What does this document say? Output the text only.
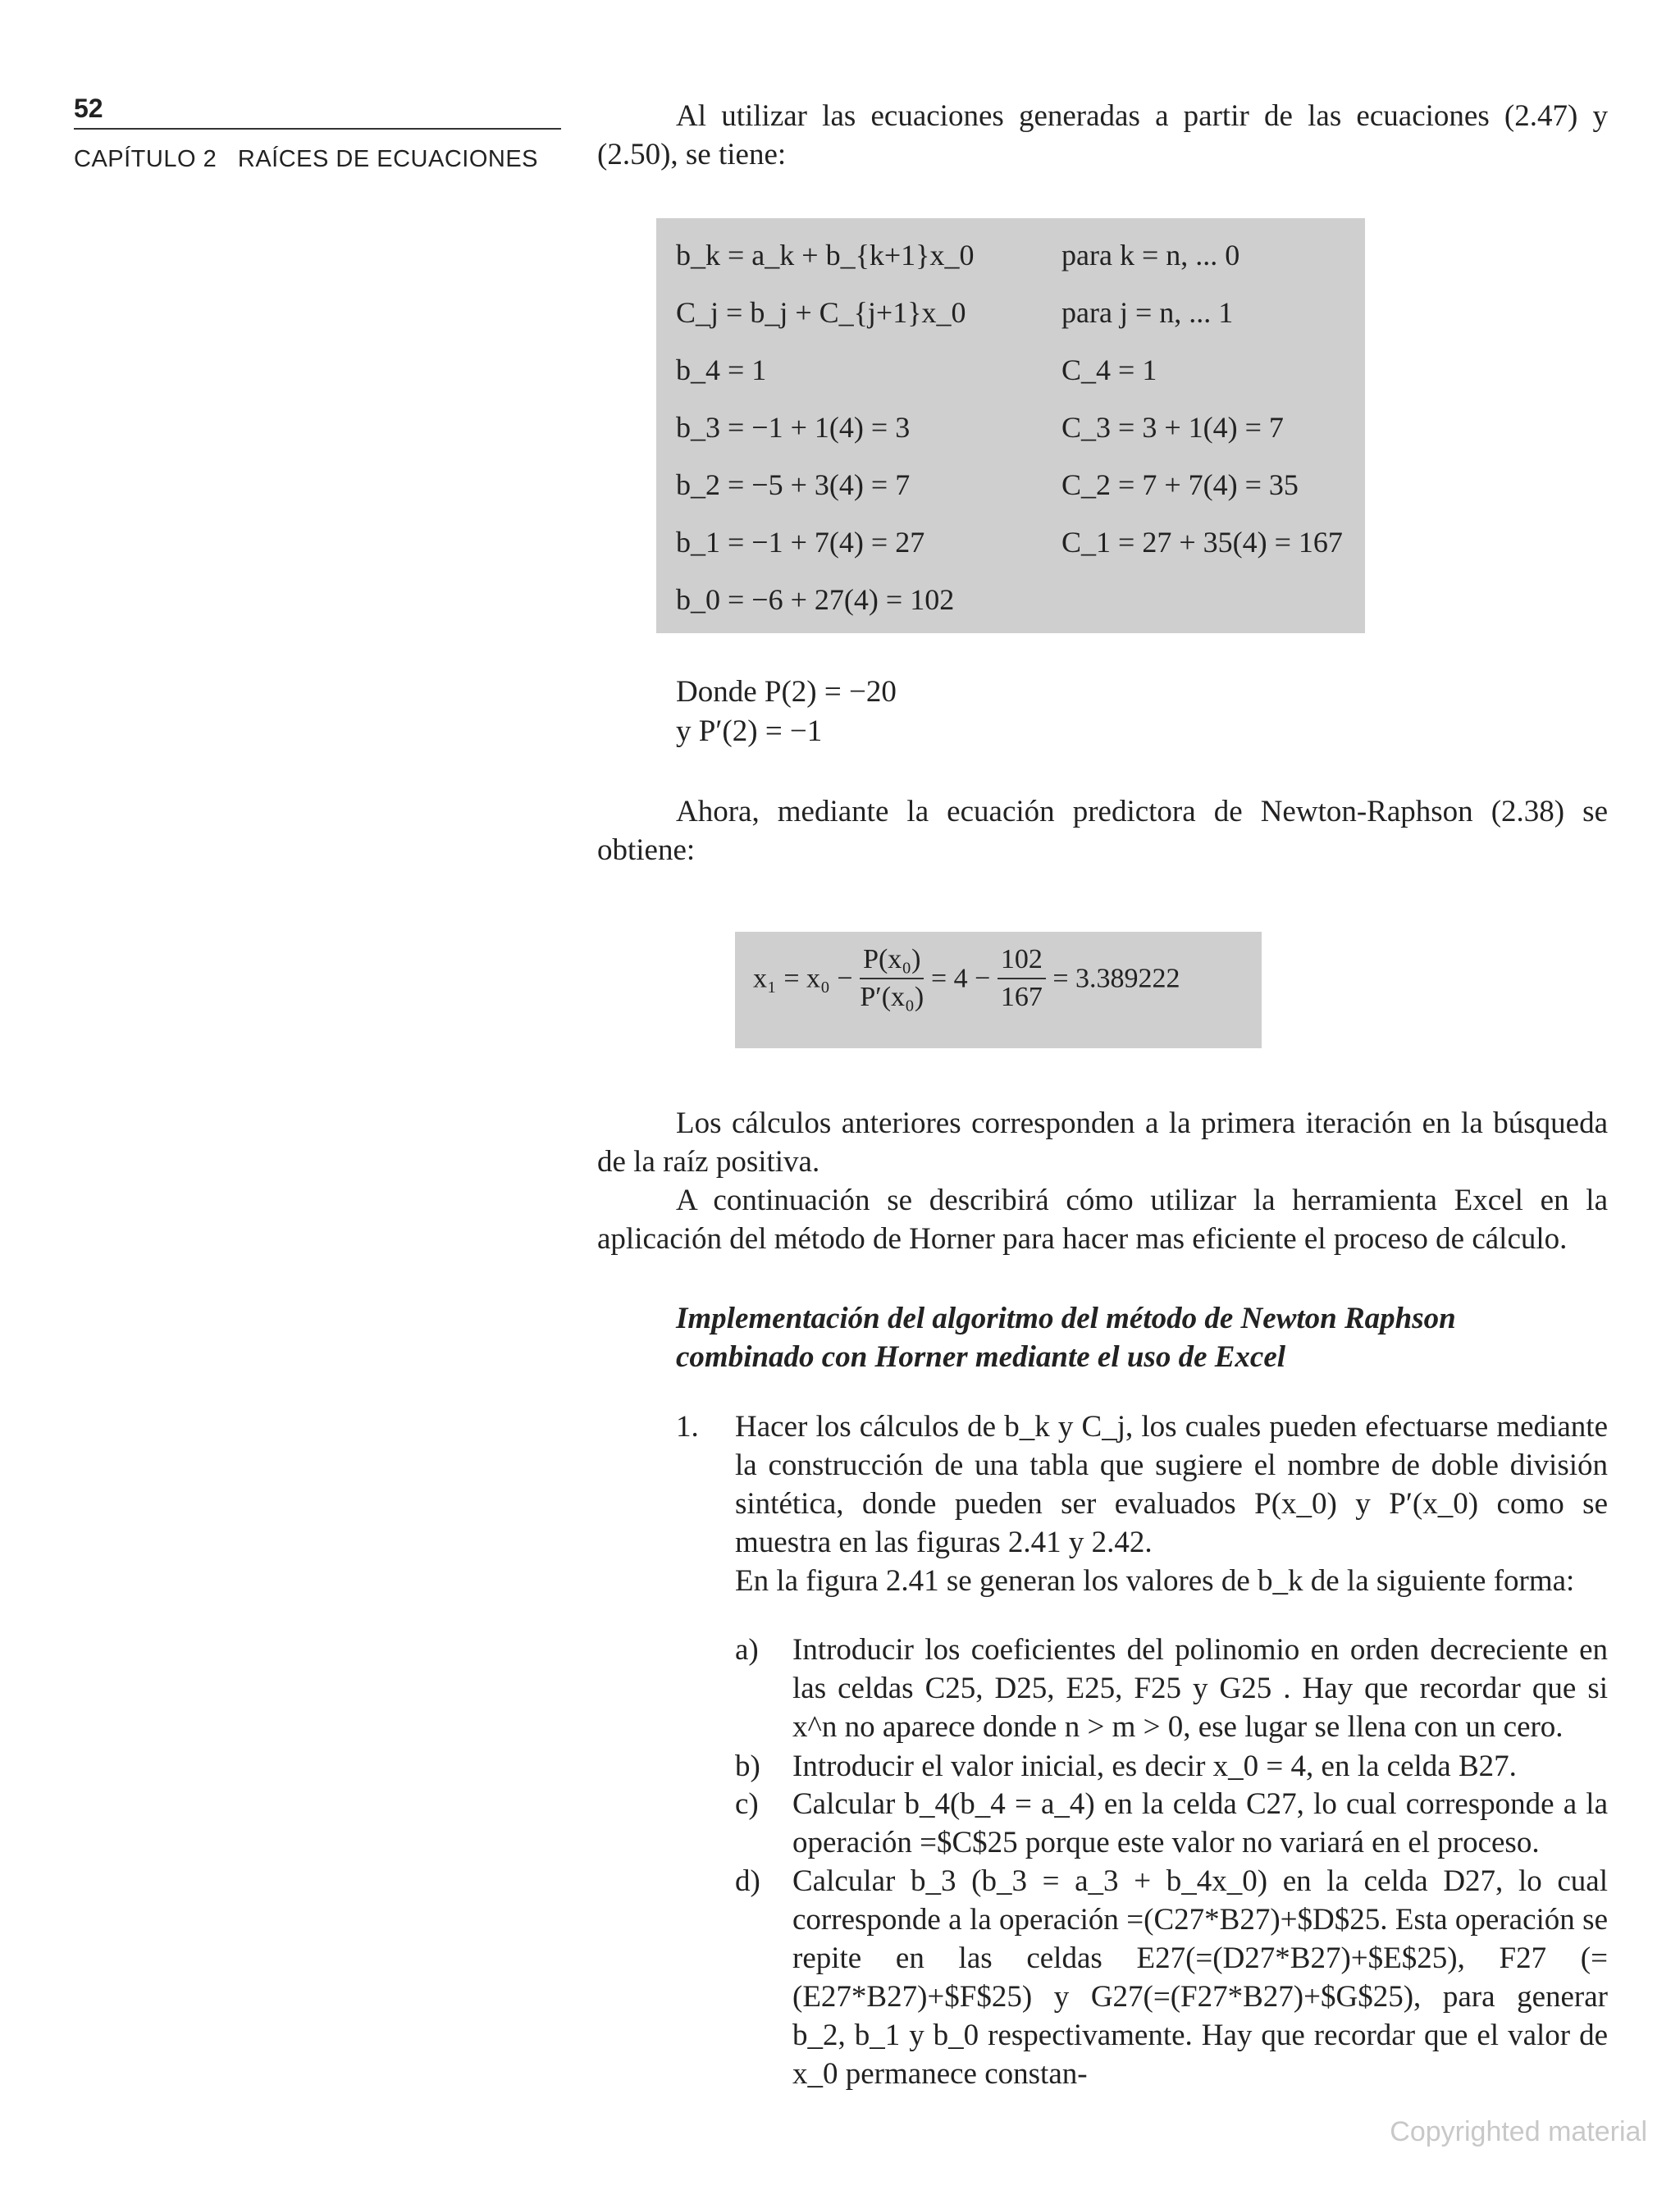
52
CAPÍTULO 2 RAÍCES DE ECUACIONES
Al utilizar las ecuaciones generadas a partir de las ecuaciones (2.47) y (2.50), se tiene:
b_k = a_k + b_{k+1}x_0	para k = n, ... 0
C_j = b_j + C_{j+1}x_0	para j = n, ... 1
b_4 = 1	C_4 = 1
b_3 = −1 + 1(4) = 3	C_3 = 3 + 1(4) = 7
b_2 = −5 + 3(4) = 7	C_2 = 7 + 7(4) = 35
b_1 = −1 + 7(4) = 27	C_1 = 27 + 35(4) = 167
b_0 = −6 + 27(4) = 102
Donde P(2) = −20
y P′(2) = −1
Ahora, mediante la ecuación predictora de Newton-Raphson (2.38) se obtiene:
$x_1 = x_0 - \frac{\text{P(x₀)}}{\text{P′(x₀)}} = 4 - \frac{102}{167} = 3.389222$
Los cálculos anteriores corresponden a la primera iteración en la búsqueda de la raíz positiva.
A continuación se describirá cómo utilizar la herramienta Excel en la aplicación del método de Horner para hacer mas eficiente el proceso de cálculo.
Implementación del algoritmo del método de Newton Raphson
combinado con Horner mediante el uso de Excel
1. Hacer los cálculos de b_k y C_j, los cuales pueden efectuarse mediante la construcción de una tabla que sugiere el nombre de doble división sintética, donde pueden ser evaluados P(x_0) y P′(x_0) como se muestra en las figuras 2.41 y 2.42.
En la figura 2.41 se generan los valores de b_k de la siguiente forma:
a) Introducir los coeficientes del polinomio en orden decreciente en las celdas C25, D25, E25, F25 y G25 . Hay que recordar que si x^n no aparece donde n > m > 0, ese lugar se llena con un cero.
b) Introducir el valor inicial, es decir x_0 = 4, en la celda B27.
c) Calcular b_4(b_4 = a_4) en la celda C27, lo cual corresponde a la operación =$C$25 porque este valor no variará en el proceso.
d) Calcular b_3 (b_3 = a_3 + b_4x_0) en la celda D27, lo cual corresponde a la operación =(C27*B27)+$D$25. Esta operación se repite en las celdas E27(=(D27*B27)+$E$25), F27 (=(E27*B27)+$F$25) y G27(=(F27*B27)+$G$25), para generar b_2, b_1 y b_0 respectivamente. Hay que recordar que el valor de x_0 permanece constan-
Copyrighted material
